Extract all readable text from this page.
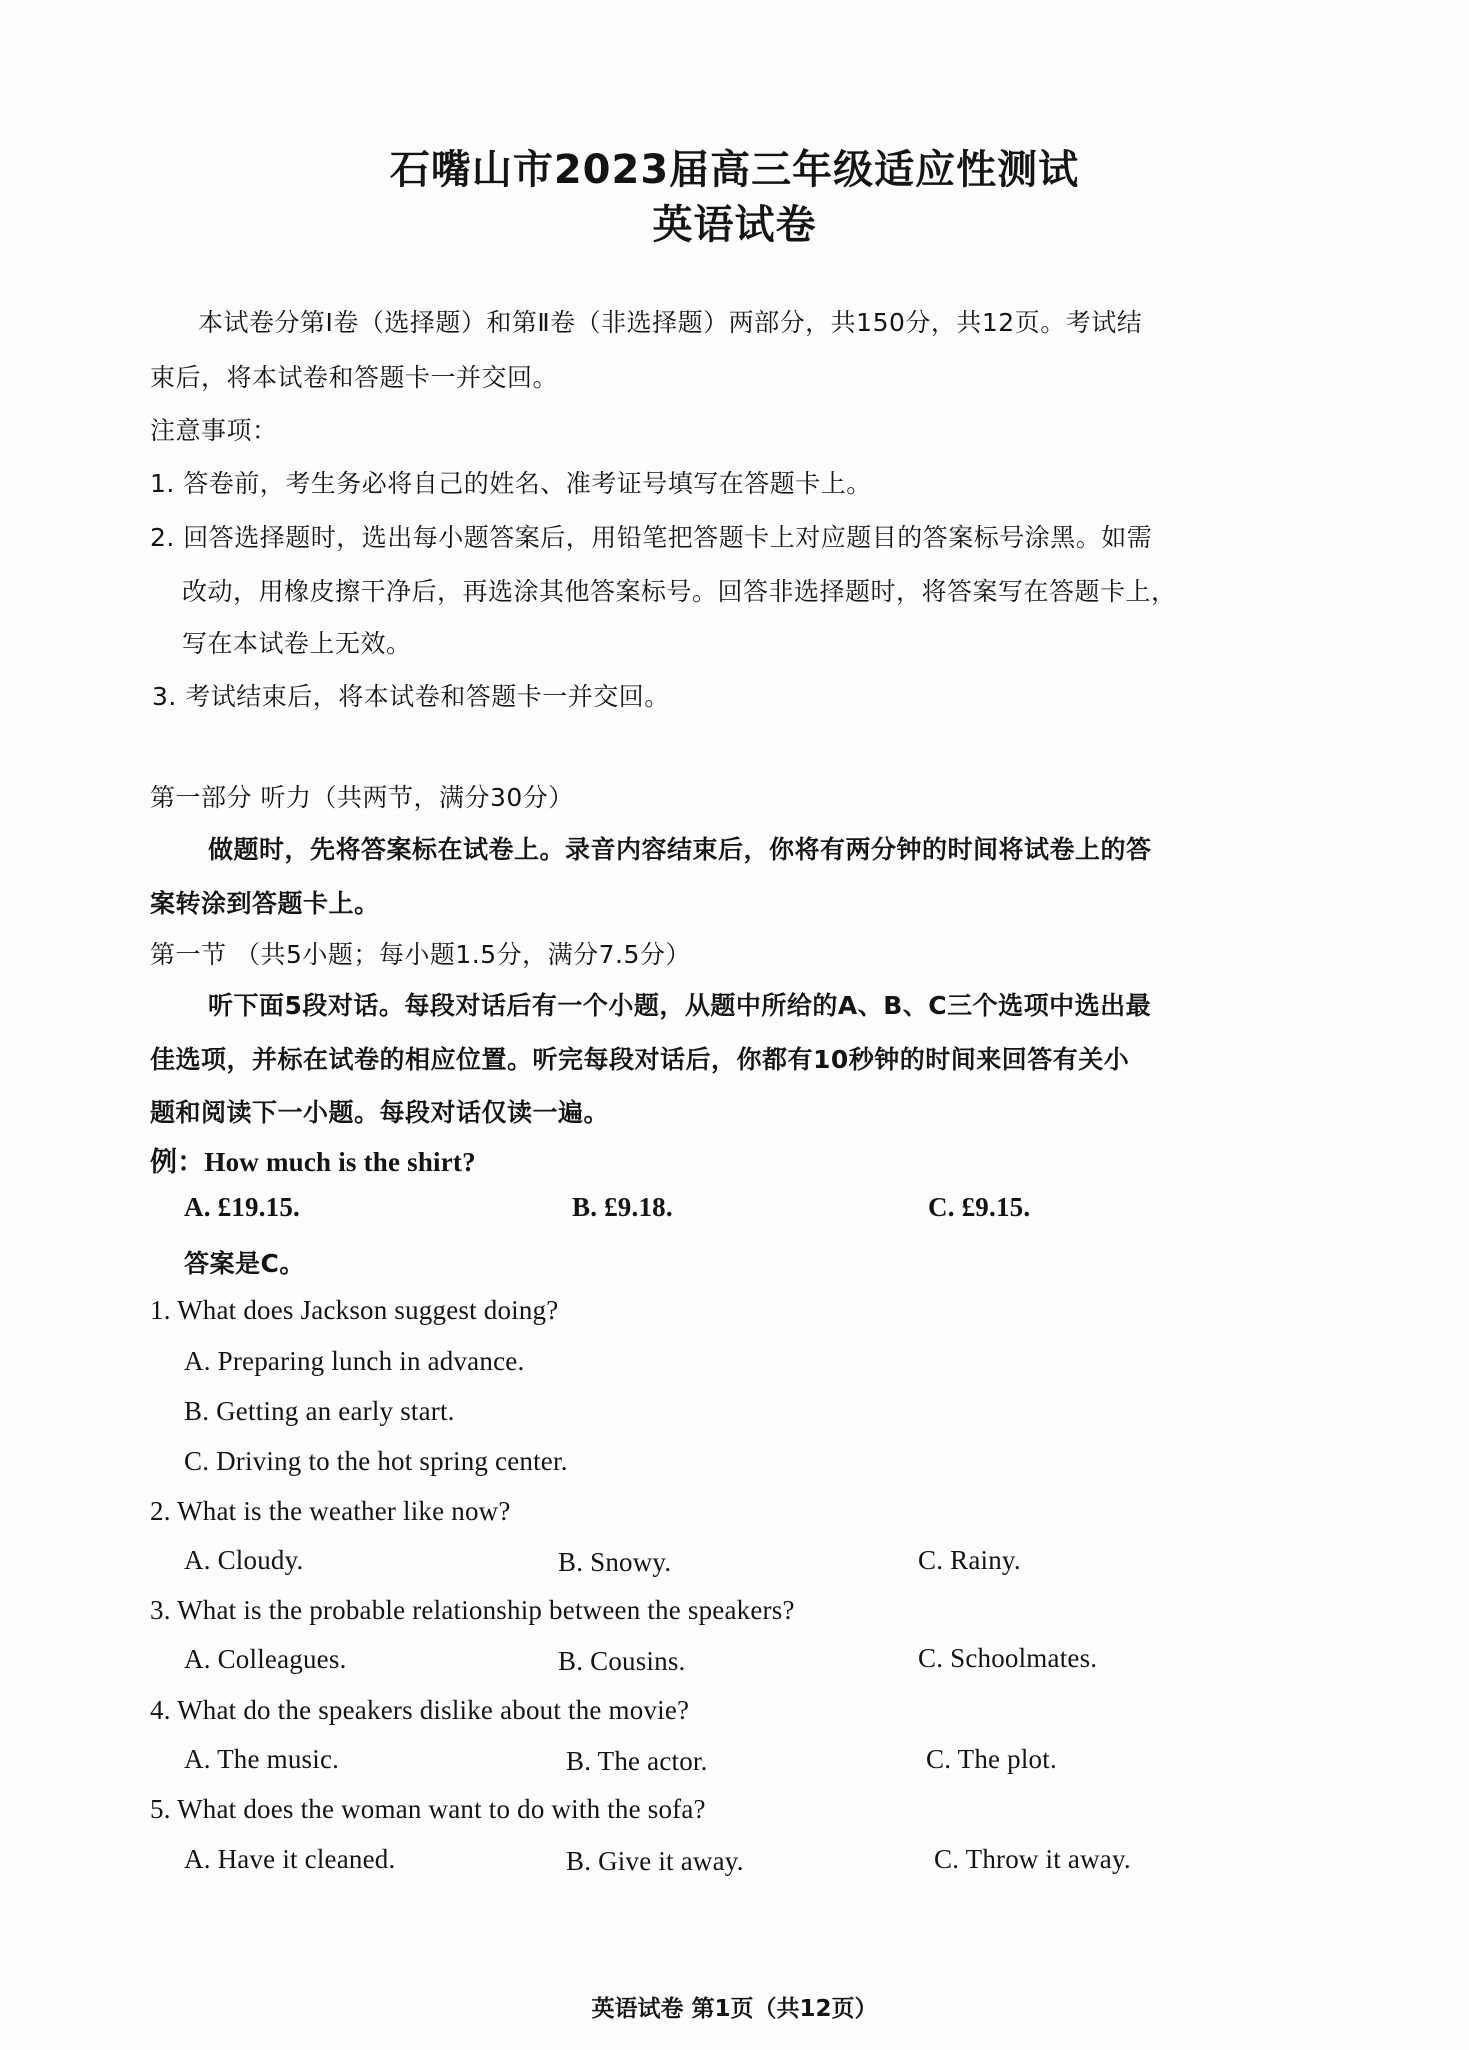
石嘴山市2023届高三年级适应性测试
英语试卷
本试卷分第Ⅰ卷（选择题）和第Ⅱ卷（非选择题）两部分，共150分，共12页。考试结
束后，将本试卷和答题卡一并交回。
注意事项：
1. 答卷前，考生务必将自己的姓名、准考证号填写在答题卡上。
2. 回答选择题时，选出每小题答案后，用铅笔把答题卡上对应题目的答案标号涂黑。如需
改动，用橡皮擦干净后，再选涂其他答案标号。回答非选择题时，将答案写在答题卡上，
写在本试卷上无效。
3. 考试结束后，将本试卷和答题卡一并交回。
第一部分 听力（共两节，满分30分）
做题时，先将答案标在试卷上。录音内容结束后，你将有两分钟的时间将试卷上的答
案转涂到答题卡上。
第一节 （共5小题；每小题1.5分，满分7.5分）
听下面5段对话。每段对话后有一个小题，从题中所给的A、B、C三个选项中选出最
佳选项，并标在试卷的相应位置。听完每段对话后，你都有10秒钟的时间来回答有关小
题和阅读下一小题。每段对话仅读一遍。
例：How much is the shirt?
A. £19.15.	B. £9.18.	C. £9.15.
答案是C。
1. What does Jackson suggest doing?
A. Preparing lunch in advance.
B. Getting an early start.
C. Driving to the hot spring center.
2. What is the weather like now?
A. Cloudy.	B. Snowy.	C. Rainy.
3. What is the probable relationship between the speakers?
A. Colleagues.	B. Cousins.	C. Schoolmates.
4. What do the speakers dislike about the movie?
A. The music.	B. The actor.	C. The plot.
5. What does the woman want to do with the sofa?
A. Have it cleaned.	B. Give it away.	C. Throw it away.
英语试卷 第1页（共12页）
